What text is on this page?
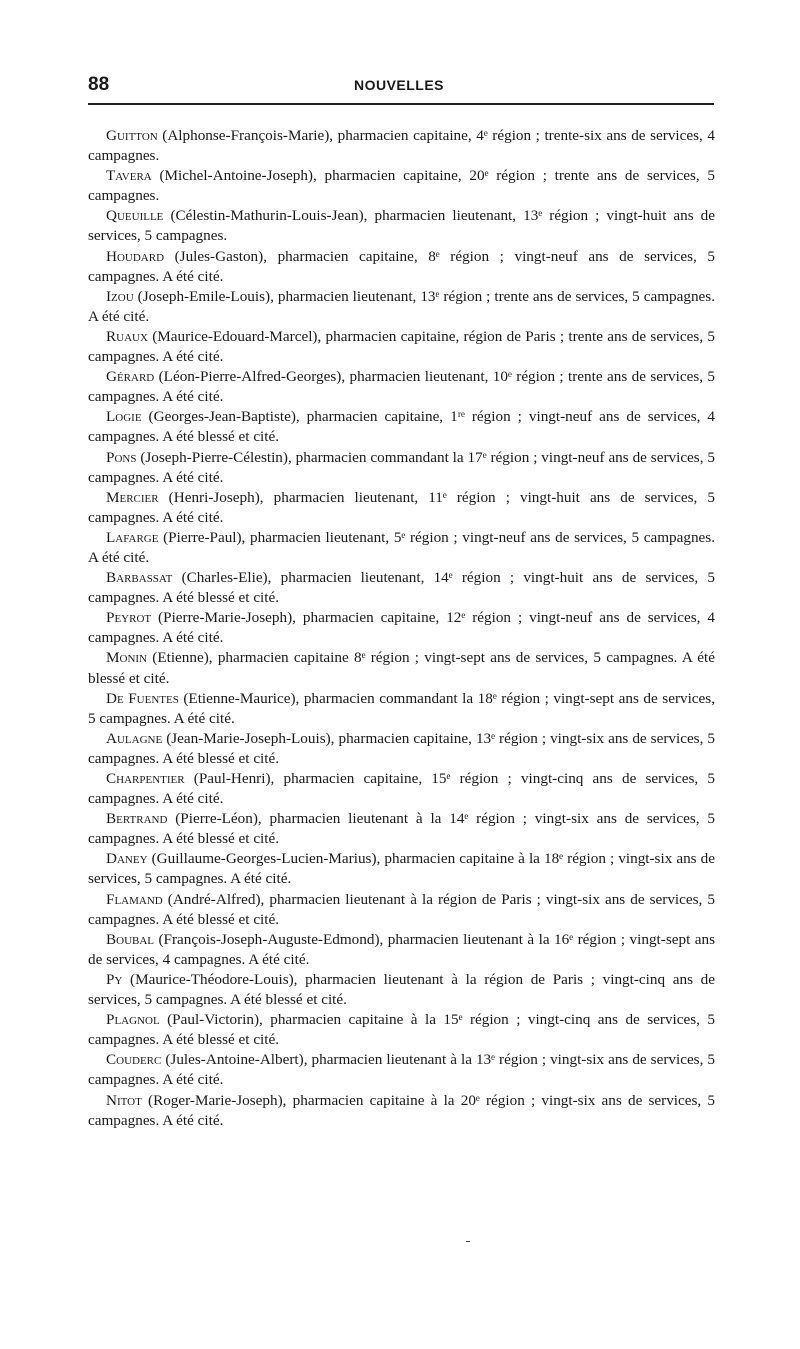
88	NOUVELLES

Guitton (Alphonse-François-Marie), pharmacien capitaine, 4ᵉ région ; trente-six ans de services, 4 campagnes.

Tavera (Michel-Antoine-Joseph), pharmacien capitaine, 20ᵉ région ; trente ans de services, 5 campagnes.

Queuille (Célestin-Mathurin-Louis-Jean), pharmacien lieutenant, 13ᵉ région ; vingt-huit ans de services, 5 campagnes.

Houdard (Jules-Gaston), pharmacien capitaine, 8ᵉ région ; vingt-neuf ans de services, 5 campagnes. A été cité.

Izou (Joseph-Emile-Louis), pharmacien lieutenant, 13ᵉ région ; trente ans de services, 5 campagnes. A été cité.

Ruaux (Maurice-Edouard-Marcel), pharmacien capitaine, région de Paris ; trente ans de services, 5 campagnes. A été cité.

Gérard (Léon-Pierre-Alfred-Georges), pharmacien lieutenant, 10ᵉ région ; trente ans de services, 5 campagnes. A été cité.

Logie (Georges-Jean-Baptiste), pharmacien capitaine, 1ʳᵉ région ; vingt-neuf ans de services, 4 campagnes. A été blessé et cité.

Pons (Joseph-Pierre-Célestin), pharmacien commandant la 17ᵉ région ; vingt-neuf ans de services, 5 campagnes. A été cité.

Mercier (Henri-Joseph), pharmacien lieutenant, 11ᵉ région ; vingt-huit ans de services, 5 campagnes. A été cité.

Lafarge (Pierre-Paul), pharmacien lieutenant, 5ᵉ région ; vingt-neuf ans de services, 5 campagnes. A été cité.

Barbassat (Charles-Elie), pharmacien lieutenant, 14ᵉ région ; vingt-huit ans de services, 5 campagnes. A été blessé et cité.

Peyrot (Pierre-Marie-Joseph), pharmacien capitaine, 12ᵉ région ; vingt-neuf ans de services, 4 campagnes. A été cité.

Monin (Etienne), pharmacien capitaine 8ᵉ région ; vingt-sept ans de services, 5 campagnes. A été blessé et cité.

De Fuentes (Etienne-Maurice), pharmacien commandant la 18ᵉ région ; vingt-sept ans de services, 5 campagnes. A été cité.

Aulagne (Jean-Marie-Joseph-Louis), pharmacien capitaine, 13ᵉ région ; vingt-six ans de services, 5 campagnes. A été blessé et cité.

Charpentier (Paul-Henri), pharmacien capitaine, 15ᵉ région ; vingt-cinq ans de services, 5 campagnes. A été cité.

Bertrand (Pierre-Léon), pharmacien lieutenant à la 14ᵉ région ; vingt-six ans de services, 5 campagnes. A été blessé et cité.

Daney (Guillaume-Georges-Lucien-Marius), pharmacien capitaine à la 18ᵉ région ; vingt-six ans de services, 5 campagnes. A été cité.

Flamand (André-Alfred), pharmacien lieutenant à la région de Paris ; vingt-six ans de services, 5 campagnes. A été blessé et cité.

Boubal (François-Joseph-Auguste-Edmond), pharmacien lieutenant à la 16ᵉ région ; vingt-sept ans de services, 4 campagnes. A été cité.

Py (Maurice-Théodore-Louis), pharmacien lieutenant à la région de Paris ; vingt-cinq ans de services, 5 campagnes. A été blessé et cité.

Plagnol (Paul-Victorin), pharmacien capitaine à la 15ᵉ région ; vingt-cinq ans de services, 5 campagnes. A été blessé et cité.

Couderc (Jules-Antoine-Albert), pharmacien lieutenant à la 13ᵉ région ; vingt-six ans de services, 5 campagnes. A été cité.

Nitot (Roger-Marie-Joseph), pharmacien capitaine à la 20ᵉ région ; vingt-six ans de services, 5 campagnes. A été cité.
